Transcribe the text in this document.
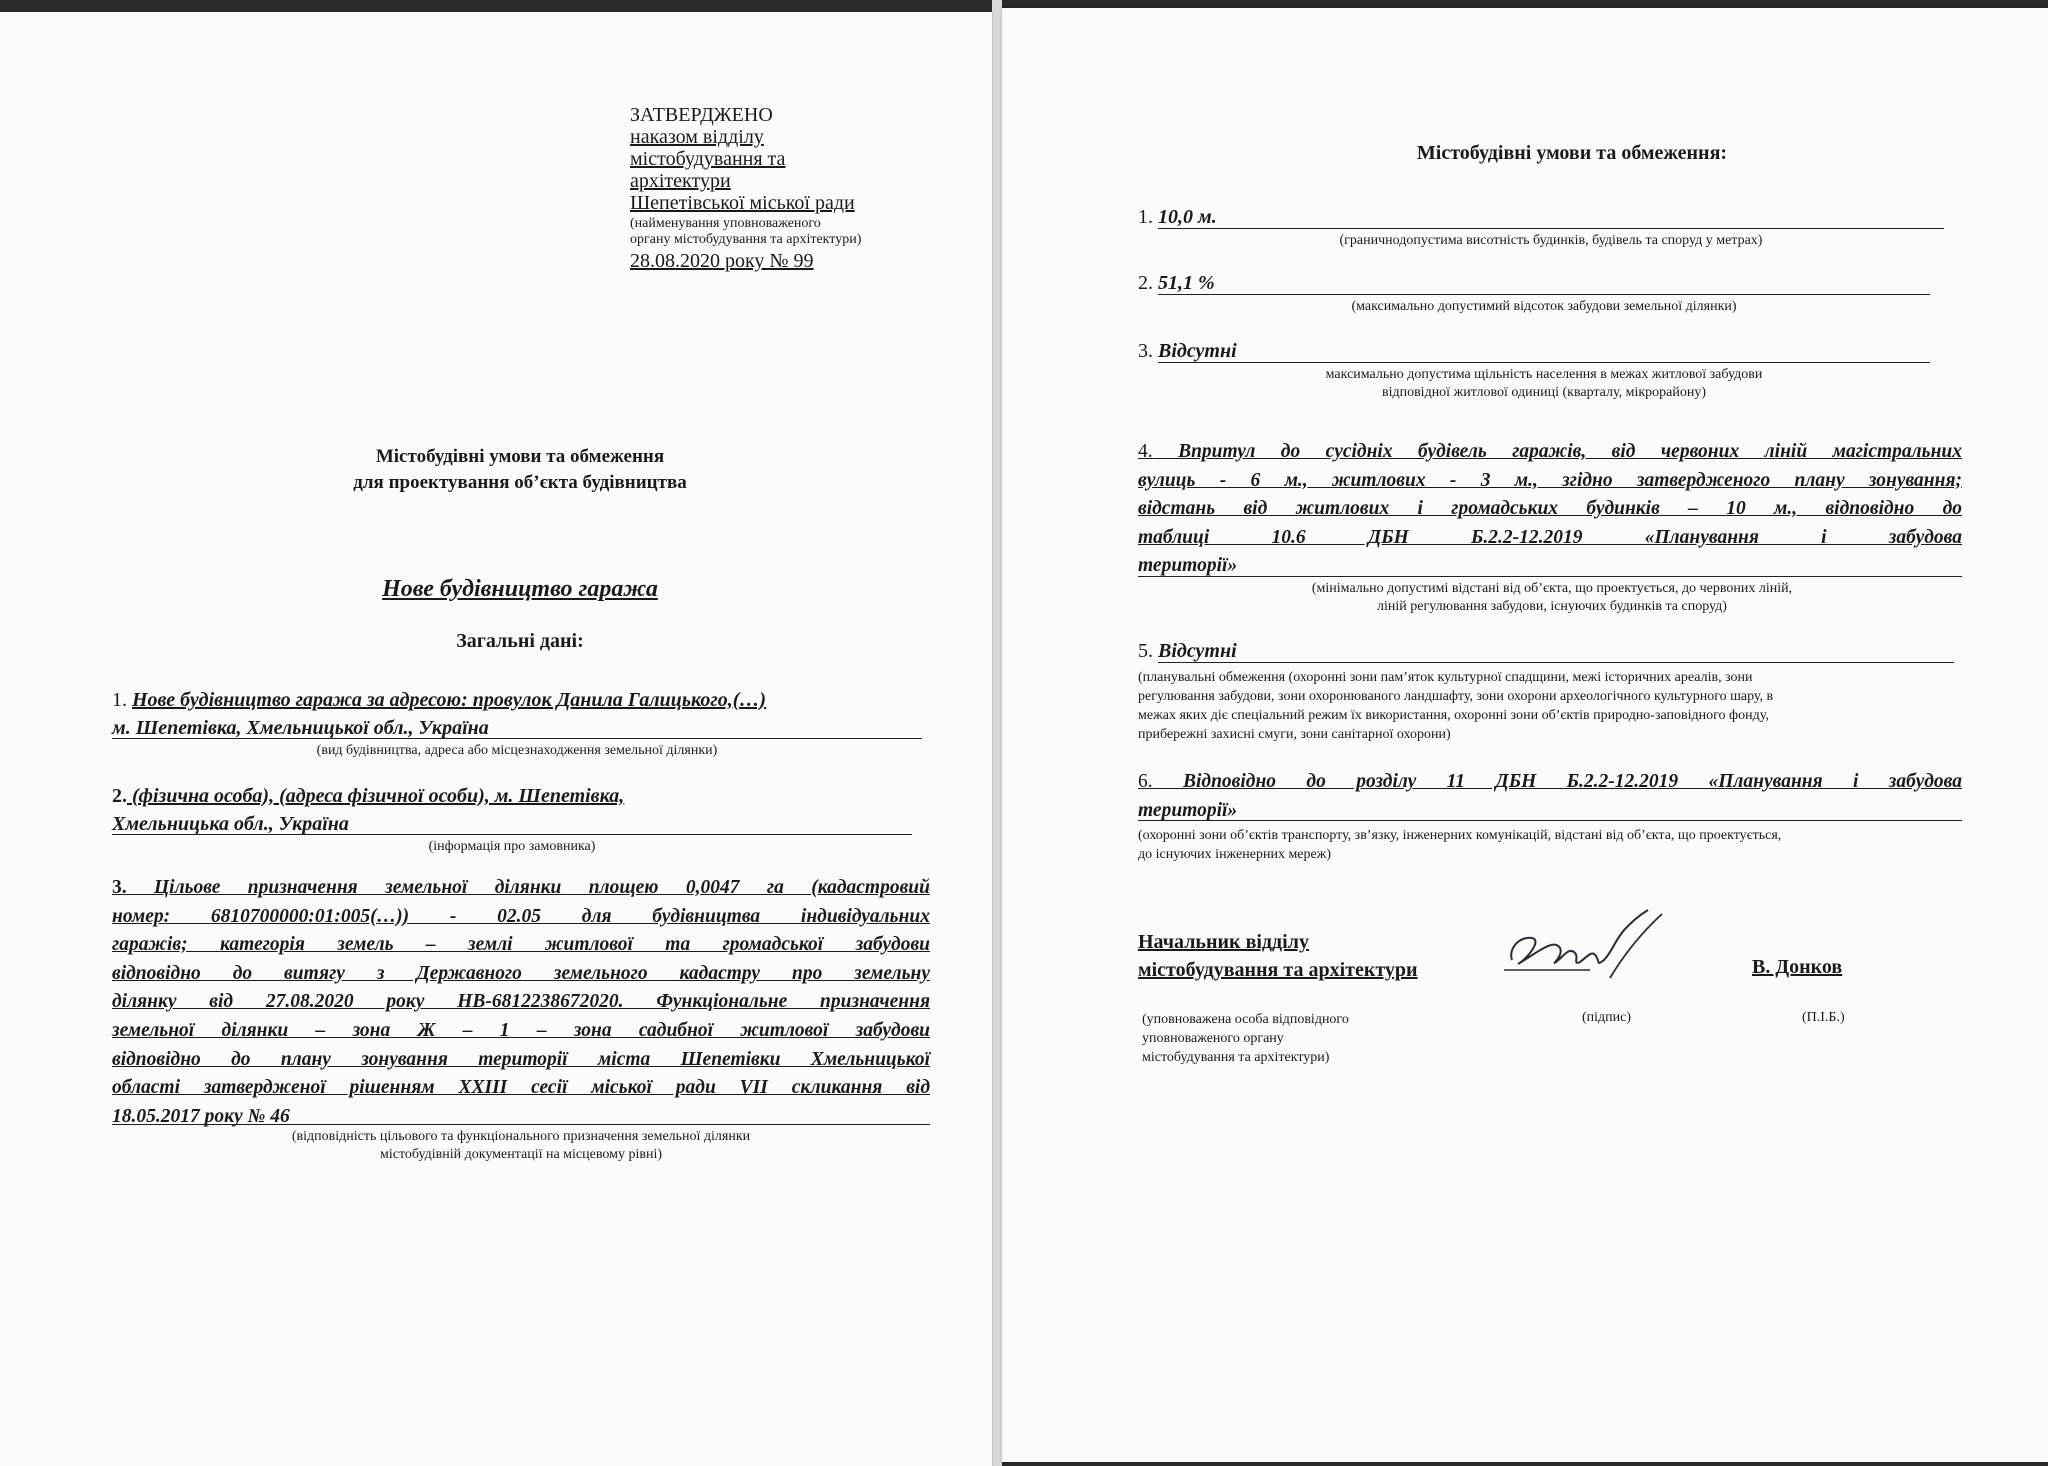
ЗАТВЕРДЖЕНО
наказом відділу
містобудування та
архітектури
Шепетівської міської ради
(найменування уповноваженого
органу містобудування та архітектури)
28.08.2020 року № 99
Містобудівні умови та обмеження
для проектування об’єкта будівництва
Нове будівництво гаража
Загальні дані:
1. Нове будівництво гаража за адресою: провулок Данила Галицького,(…)
м. Шепетівка, Хмельницької обл., Україна
(вид будівництва, адреса або місцезнаходження земельної ділянки)
2. (фізична особа), (адреса фізичної особи), м. Шепетівка,
Хмельницька обл., Україна
(інформація про замовника)
3. Цільове призначення земельної ділянки площею 0,0047 га (кадастровий
номер: 6810700000:01:005(…)) - 02.05 для будівництва індивідуальних
гаражів; категорія земель – землі житлової та громадської забудови
відповідно до витягу з Державного земельного кадастру про земельну
ділянку від 27.08.2020 року НВ-6812238672020. Функціональне призначення
земельної ділянки – зона Ж – 1 – зона садибної житлової забудови
відповідно до плану зонування території міста Шепетівки Хмельницької
області затвердженої рішенням XXIII сесії міської ради VII скликання від
18.05.2017 року № 46
(відповідність цільового та функціонального призначення земельної ділянки
містобудівній документації на місцевому рівні)
Містобудівні умови та обмеження:
1. 10,0 м.
(граничнодопустима висотність будинків, будівель та споруд у метрах)
2. 51,1 %
(максимально допустимий відсоток забудови земельної ділянки)
3. Відсутні
максимально допустима щільність населення в межах житлової забудови
відповідної житлової одиниці (кварталу, мікрорайону)
4. Впритул до сусідніх будівель гаражів, від червоних ліній магістральних
вулиць - 6 м., житлових - 3 м., згідно затвердженого плану зонування;
відстань від житлових і громадських будинків – 10 м., відповідно до
таблиці 10.6 ДБН Б.2.2-12.2019 «Планування і забудова
території»
(мінімально допустимі відстані від об’єкта, що проектується, до червоних ліній,
ліній регулювання забудови, існуючих будинків та споруд)
5. Відсутні
(планувальні обмеження (охоронні зони пам’яток культурної спадщини, межі історичних ареалів, зони
регулювання забудови, зони охоронюваного ландшафту, зони охорони археологічного культурного шару, в
межах яких діє спеціальний режим їх використання, охоронні зони об’єктів природно-заповідного фонду,
прибережні захисні смуги, зони санітарної охорони)
6. Відповідно до розділу 11 ДБН Б.2.2-12.2019 «Планування і забудова
території»
(охоронні зони об’єктів транспорту, зв’язку, інженерних комунікацій, відстані від об’єкта, що проектується,
до існуючих інженерних мереж)
Начальник відділу
містобудування та архітектури	В. Донков
(уповноважена особа відповідного
уповноваженого органу
містобудування та архітектури)
(підпис)	(П.І.Б.)
